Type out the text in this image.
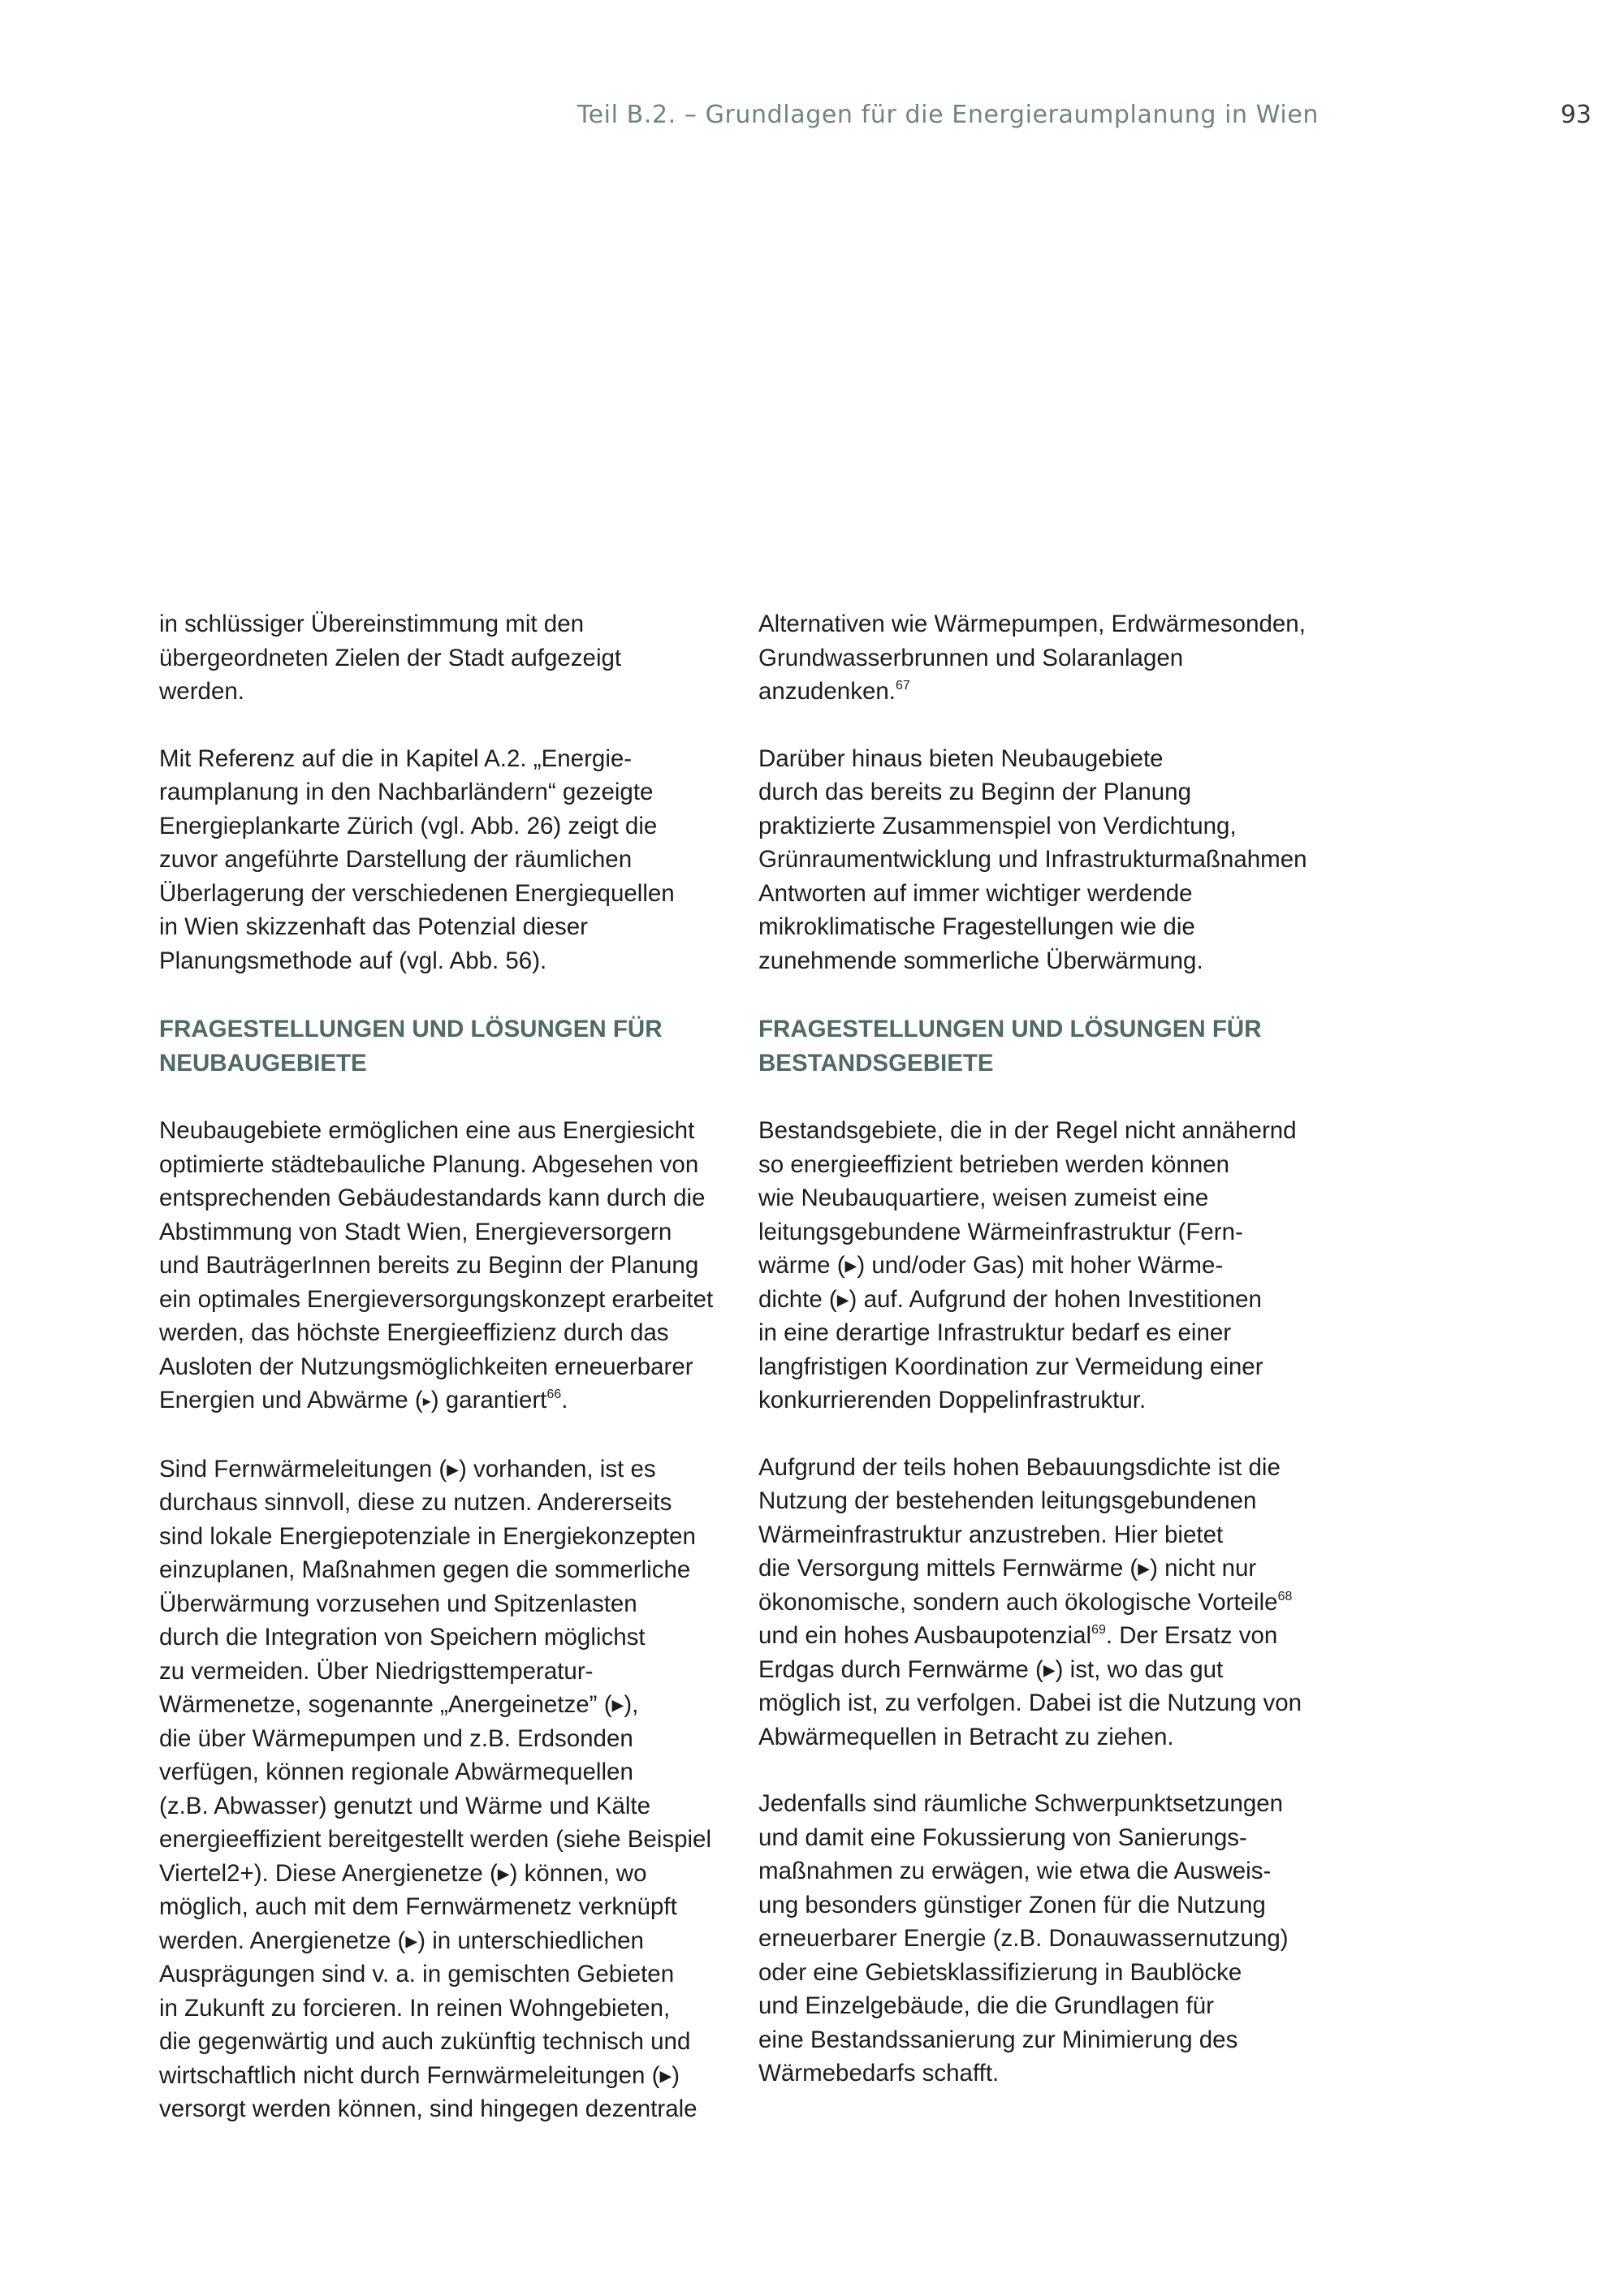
Teil B.2. – Grundlagen für die Energieraumplanung in Wien	93

in schlüssiger Übereinstimmung mit den
übergeordneten Zielen der Stadt aufgezeigt
werden.

Mit Referenz auf die in Kapitel A.2. „Energie-
raumplanung in den Nachbarländern“ gezeigte
Energieplankarte Zürich (vgl. Abb. 26) zeigt die
zuvor angeführte Darstellung der räumlichen
Überlagerung der verschiedenen Energiequellen
in Wien skizzenhaft das Potenzial dieser
Planungsmethode auf (vgl. Abb. 56).

FRAGESTELLUNGEN UND LÖSUNGEN FÜR
NEUBAUGEBIETE

Neubaugebiete ermöglichen eine aus Energiesicht
optimierte städtebauliche Planung. Abgesehen von
entsprechenden Gebäudestandards kann durch die
Abstimmung von Stadt Wien, Energieversorgern
und BauträgerInnen bereits zu Beginn der Planung
ein optimales Energieversorgungskonzept erarbeitet
werden, das höchste Energieeffizienz durch das
Ausloten der Nutzungsmöglichkeiten erneuerbarer
Energien und Abwärme (▸) garantiert$^{66}$.

Sind Fernwärmeleitungen (▸) vorhanden, ist es
durchaus sinnvoll, diese zu nutzen. Andererseits
sind lokale Energiepotenziale in Energiekonzepten
einzuplanen, Maßnahmen gegen die sommerliche
Überwärmung vorzusehen und Spitzenlasten
durch die Integration von Speichern möglichst
zu vermeiden. Über Niedrigsttemperatur-
Wärmenetze, sogenannte „Anergeinetze” (▸),
die über Wärmepumpen und z.B. Erdsonden
verfügen, können regionale Abwärmequellen
(z.B. Abwasser) genutzt und Wärme und Kälte
energieeffizient bereitgestellt werden (siehe Beispiel
Viertel2+). Diese Anergienetze (▸) können, wo
möglich, auch mit dem Fernwärmenetz verknüpft
werden. Anergienetze (▸) in unterschiedlichen
Ausprägungen sind v. a. in gemischten Gebieten
in Zukunft zu forcieren. In reinen Wohngebieten,
die gegenwärtig und auch zukünftig technisch und
wirtschaftlich nicht durch Fernwärmeleitungen (▸)
versorgt werden können, sind hingegen dezentrale

Alternativen wie Wärmepumpen, Erdwärmesonden,
Grundwasserbrunnen und Solaranlagen
anzudenken.$^{67}$

Darüber hinaus bieten Neubaugebiete
durch das bereits zu Beginn der Planung
praktizierte Zusammenspiel von Verdichtung,
Grünraumentwicklung und Infrastrukturmaßnahmen
Antworten auf immer wichtiger werdende
mikroklimatische Fragestellungen wie die
zunehmende sommerliche Überwärmung.

FRAGESTELLUNGEN UND LÖSUNGEN FÜR
BESTANDSGEBIETE

Bestandsgebiete, die in der Regel nicht annähernd
so energieeffizient betrieben werden können
wie Neubauquartiere, weisen zumeist eine
leitungsgebundene Wärmeinfrastruktur (Fern-
wärme (▸) und/oder Gas) mit hoher Wärme-
dichte (▸) auf. Aufgrund der hohen Investitionen
in eine derartige Infrastruktur bedarf es einer
langfristigen Koordination zur Vermeidung einer
konkurrierenden Doppelinfrastruktur.

Aufgrund der teils hohen Bebauungsdichte ist die
Nutzung der bestehenden leitungsgebundenen
Wärmeinfrastruktur anzustreben. Hier bietet
die Versorgung mittels Fernwärme (▸) nicht nur
ökonomische, sondern auch ökologische Vorteile$^{68}$
und ein hohes Ausbaupotenzial$^{69}$. Der Ersatz von
Erdgas durch Fernwärme (▸) ist, wo das gut
möglich ist, zu verfolgen. Dabei ist die Nutzung von
Abwärmequellen in Betracht zu ziehen.

Jedenfalls sind räumliche Schwerpunktsetzungen
und damit eine Fokussierung von Sanierungs-
maßnahmen zu erwägen, wie etwa die Ausweis-
ung besonders günstiger Zonen für die Nutzung
erneuerbarer Energie (z.B. Donauwassernutzung)
oder eine Gebietsklassifizierung in Baublöcke
und Einzelgebäude, die die Grundlagen für
eine Bestandssanierung zur Minimierung des
Wärmebedarfs schafft.
